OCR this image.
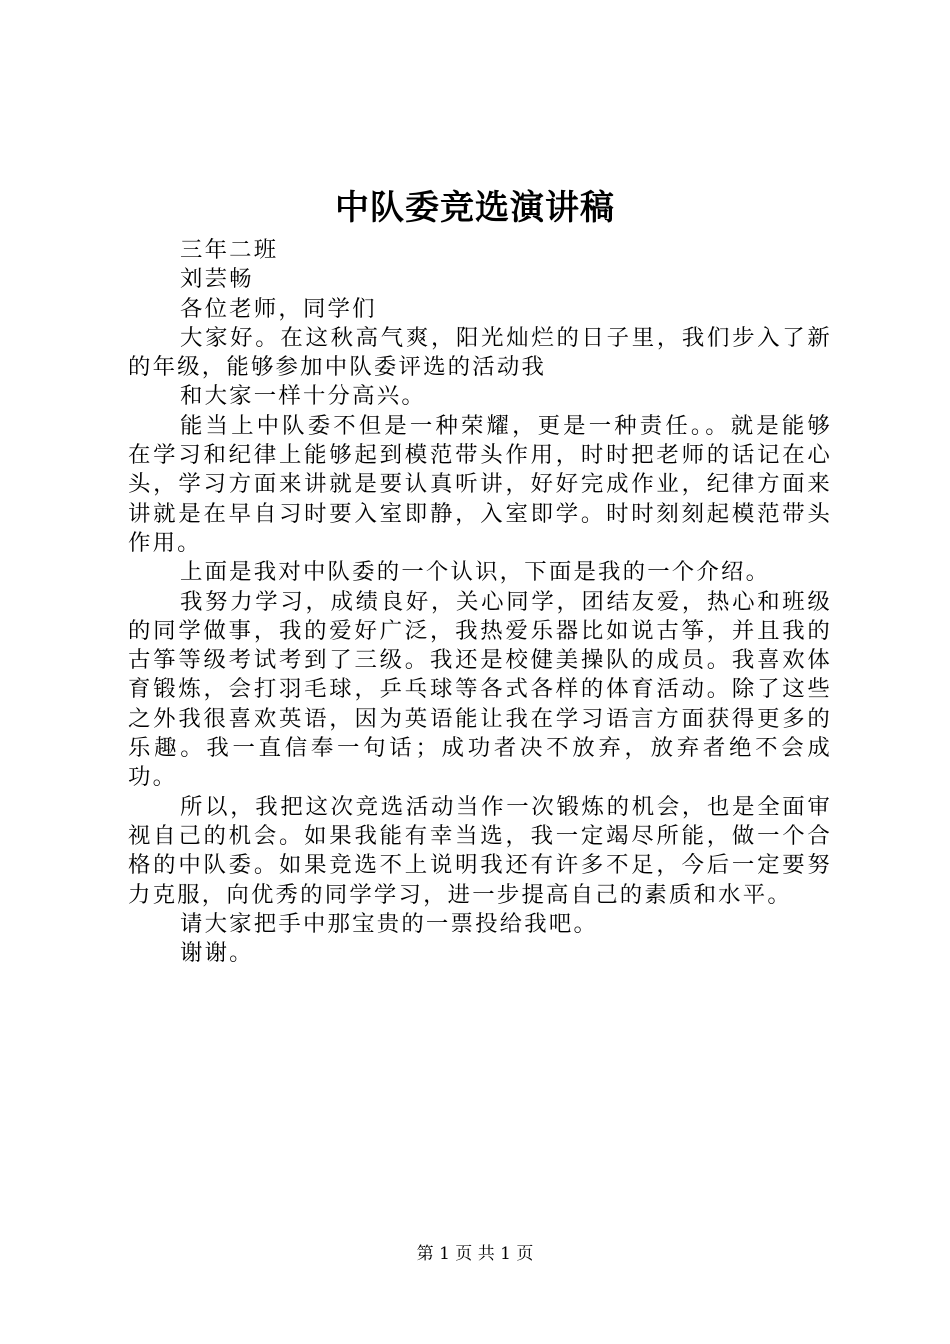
中队委竞选演讲稿

三年二班

刘芸畅

各位老师，同学们

大家好。在这秋高气爽，阳光灿烂的日子里，我们步入了新的年级，能够参加中队委评选的活动我

和大家一样十分高兴。

能当上中队委不但是一种荣耀，更是一种责任。。就是能够在学习和纪律上能够起到模范带头作用，时时把老师的话记在心头，学习方面来讲就是要认真听讲，好好完成作业，纪律方面来讲就是在早自习时要入室即静，入室即学。时时刻刻起模范带头作用。

上面是我对中队委的一个认识，下面是我的一个介绍。

我努力学习，成绩良好，关心同学，团结友爱，热心和班级的同学做事，我的爱好广泛，我热爱乐器比如说古筝，并且我的古筝等级考试考到了三级。我还是校健美操队的成员。我喜欢体育锻炼，会打羽毛球，乒乓球等各式各样的体育活动。除了这些之外我很喜欢英语，因为英语能让我在学习语言方面获得更多的乐趣。我一直信奉一句话；成功者决不放弃，放弃者绝不会成功。

所以，我把这次竞选活动当作一次锻炼的机会，也是全面审视自己的机会。如果我能有幸当选，我一定竭尽所能，做一个合格的中队委。如果竞选不上说明我还有许多不足，今后一定要努力克服，向优秀的同学学习，进一步提高自己的素质和水平。

请大家把手中那宝贵的一票投给我吧。

谢谢。

第 1 页 共 1 页
